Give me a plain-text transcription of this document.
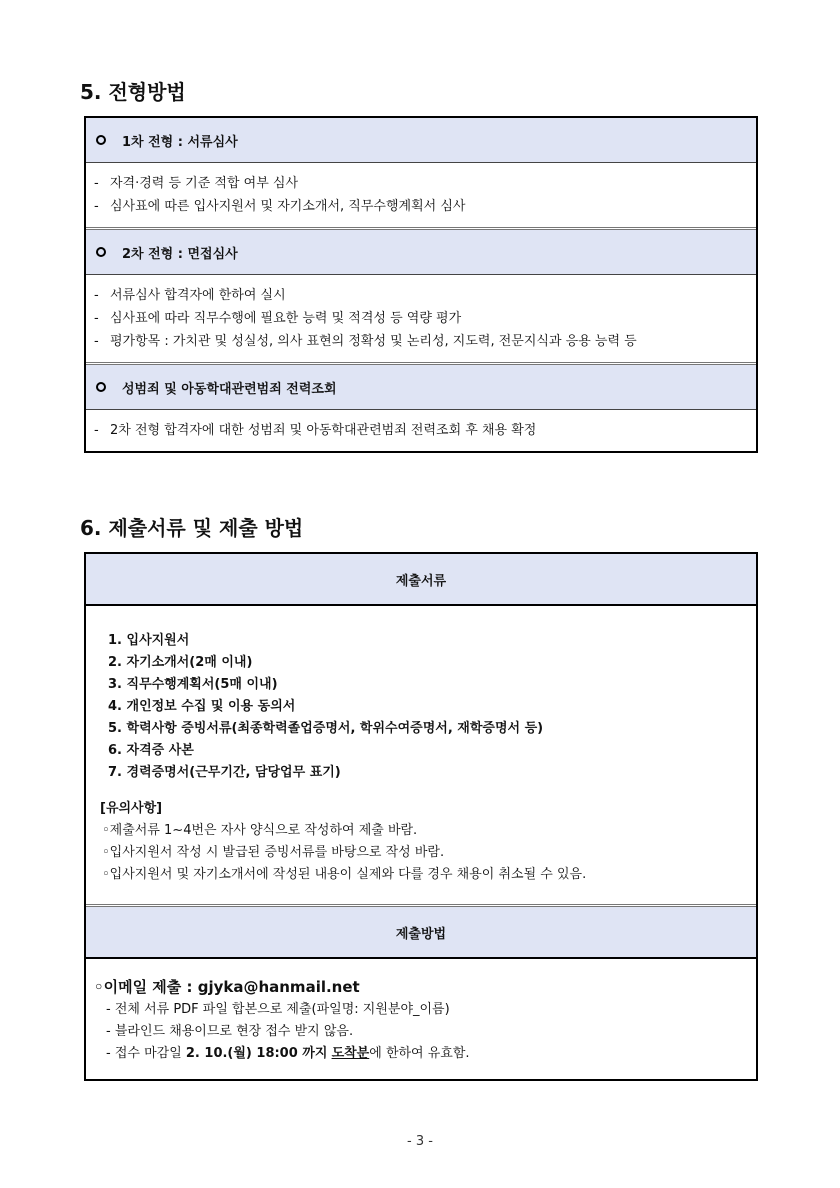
5. 전형방법
1차 전형 : 서류심사
- 자격·경력 등 기준 적합 여부 심사
- 심사표에 따른 입사지원서 및 자기소개서, 직무수행계획서 심사
2차 전형 : 면접심사
- 서류심사 합격자에 한하여 실시
- 심사표에 따라 직무수행에 필요한 능력 및 적격성 등 역량 평가
- 평가항목 : 가치관 및 성실성, 의사 표현의 정확성 및 논리성, 지도력, 전문지식과 응용 능력 등
성범죄 및 아동학대관련범죄 전력조회
- 2차 전형 합격자에 대한 성범죄 및 아동학대관련범죄 전력조회 후 채용 확정
6. 제출서류 및 제출 방법
제출서류
1. 입사지원서
2. 자기소개서(2매 이내)
3. 직무수행계획서(5매 이내)
4. 개인정보 수집 및 이용 동의서
5. 학력사항 증빙서류(최종학력졸업증명서, 학위수여증명서, 재학증명서 등)
6. 자격증 사본
7. 경력증명서(근무기간, 담당업무 표기)
[유의사항]
◦제출서류 1~4번은 자사 양식으로 작성하여 제출 바람.
◦입사지원서 작성 시 발급된 증빙서류를 바탕으로 작성 바람.
◦입사지원서 및 자기소개서에 작성된 내용이 실제와 다를 경우 채용이 취소될 수 있음.
제출방법
◦이메일 제출 : gjyka@hanmail.net
- 전체 서류 PDF 파일 합본으로 제출(파일명: 지원분야_이름)
- 블라인드 채용이므로 현장 접수 받지 않음.
- 접수 마감일 2. 10.(월) 18:00 까지 도착분에 한하여 유효함.
- 3 -
